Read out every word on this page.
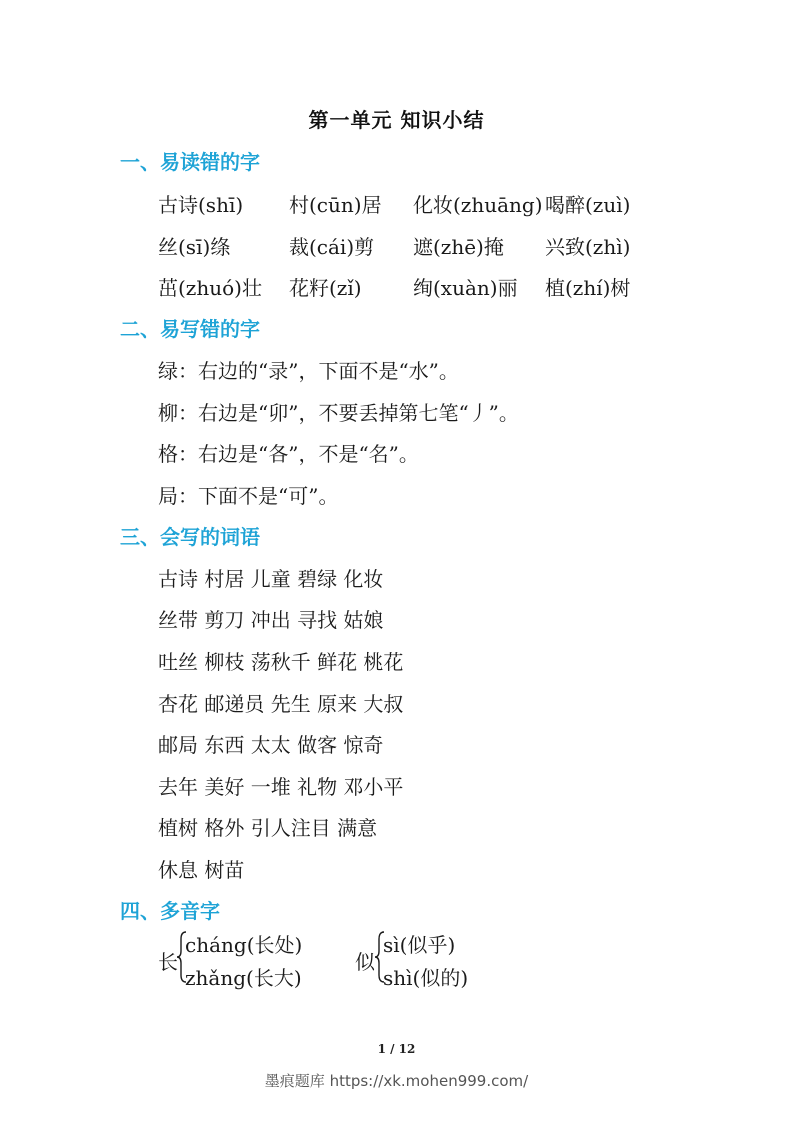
第一单元 知识小结
一、易读错的字
古诗(shī) 村(cūn)居 化妆(zhuāng) 喝醉(zuì)
丝(sī)绦	裁(cái)剪 遮(zhē)掩 兴致(zhì)
茁(zhuó)壮 花籽(zǐ)	绚(xuàn)丽 植(zhí)树
二、易写错的字
绿：右边的“录”，下面不是“水”。
柳：右边是“卯”，不要丢掉第七笔“丿”。
格：右边是“各”，不是“名”。
局：下面不是“可”。
三、会写的词语
古诗 村居 儿童 碧绿 化妆
丝带 剪刀 冲出 寻找 姑娘
吐丝 柳枝 荡秋千 鲜花 桃花
杏花 邮递员 先生 原来 大叔
邮局 东西 太太 做客 惊奇
去年 美好 一堆 礼物 邓小平
植树 格外 引人注目 满意
休息 树苗
四、多音字
长
cháng(长处)
zhǎng(长大)
似
sì(似乎)
shì(似的)
1 / 12
墨痕题库 https://xk.mohen999.com/
